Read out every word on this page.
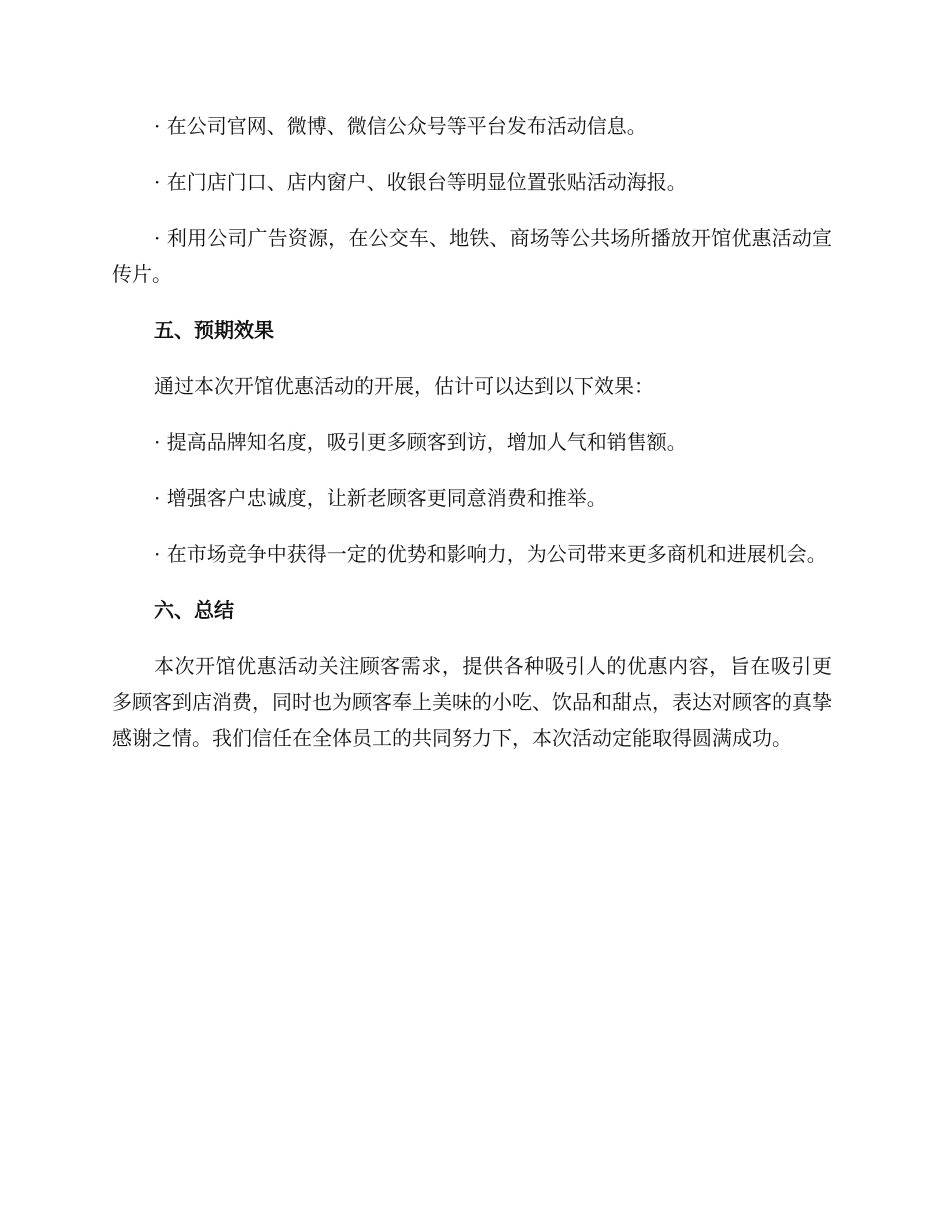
· 在公司官网、微博、微信公众号等平台发布活动信息。

· 在门店门口、店内窗户、收银台等明显位置张贴活动海报。

· 利用公司广告资源，在公交车、地铁、商场等公共场所播放开馆优惠活动宣传片。

五、预期效果

通过本次开馆优惠活动的开展，估计可以达到以下效果：

· 提高品牌知名度，吸引更多顾客到访，增加人气和销售额。

· 增强客户忠诚度，让新老顾客更同意消费和推举。

· 在市场竞争中获得一定的优势和影响力，为公司带来更多商机和进展机会。

六、总结

本次开馆优惠活动关注顾客需求，提供各种吸引人的优惠内容，旨在吸引更多顾客到店消费，同时也为顾客奉上美味的小吃、饮品和甜点，表达对顾客的真挚感谢之情。我们信任在全体员工的共同努力下，本次活动定能取得圆满成功。
